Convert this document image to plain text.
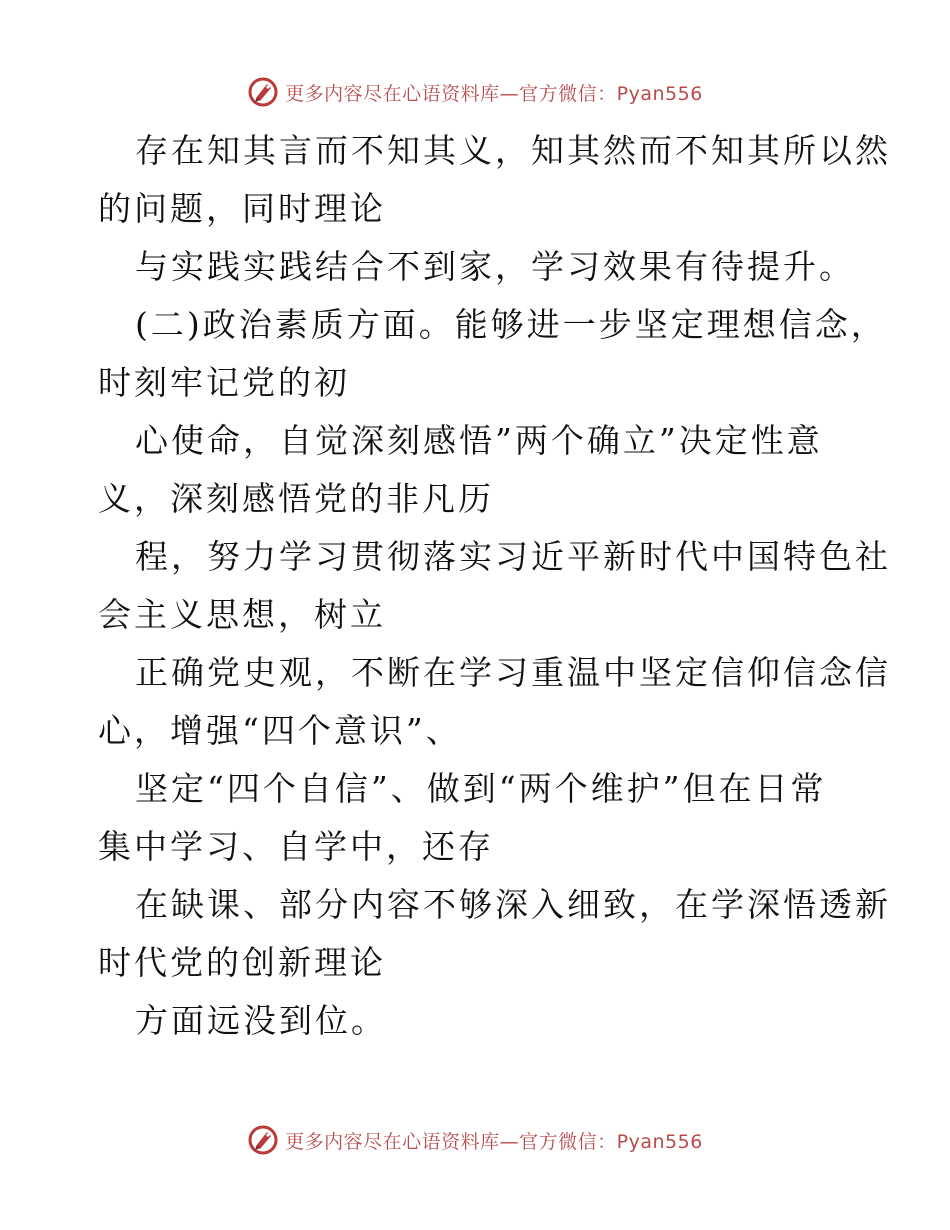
更多内容尽在心语资料库—官方微信：Pyan556
存在知其言而不知其义，知其然而不知其所以然
的问题，同时理论
与实践实践结合不到家，学习效果有待提升。
(二)政治素质方面。能够进一步坚定理想信念，
时刻牢记党的初
心使命，自觉深刻感悟”两个确立”决定性意
义，深刻感悟党的非凡历
程，努力学习贯彻落实习近平新时代中国特色社
会主义思想，树立
正确党史观，不断在学习重温中坚定信仰信念信
心，增强“四个意识”、
坚定“四个自信”、做到“两个维护”但在日常
集中学习、自学中，还存
在缺课、部分内容不够深入细致，在学深悟透新
时代党的创新理论
方面远没到位。
更多内容尽在心语资料库—官方微信：Pyan556
